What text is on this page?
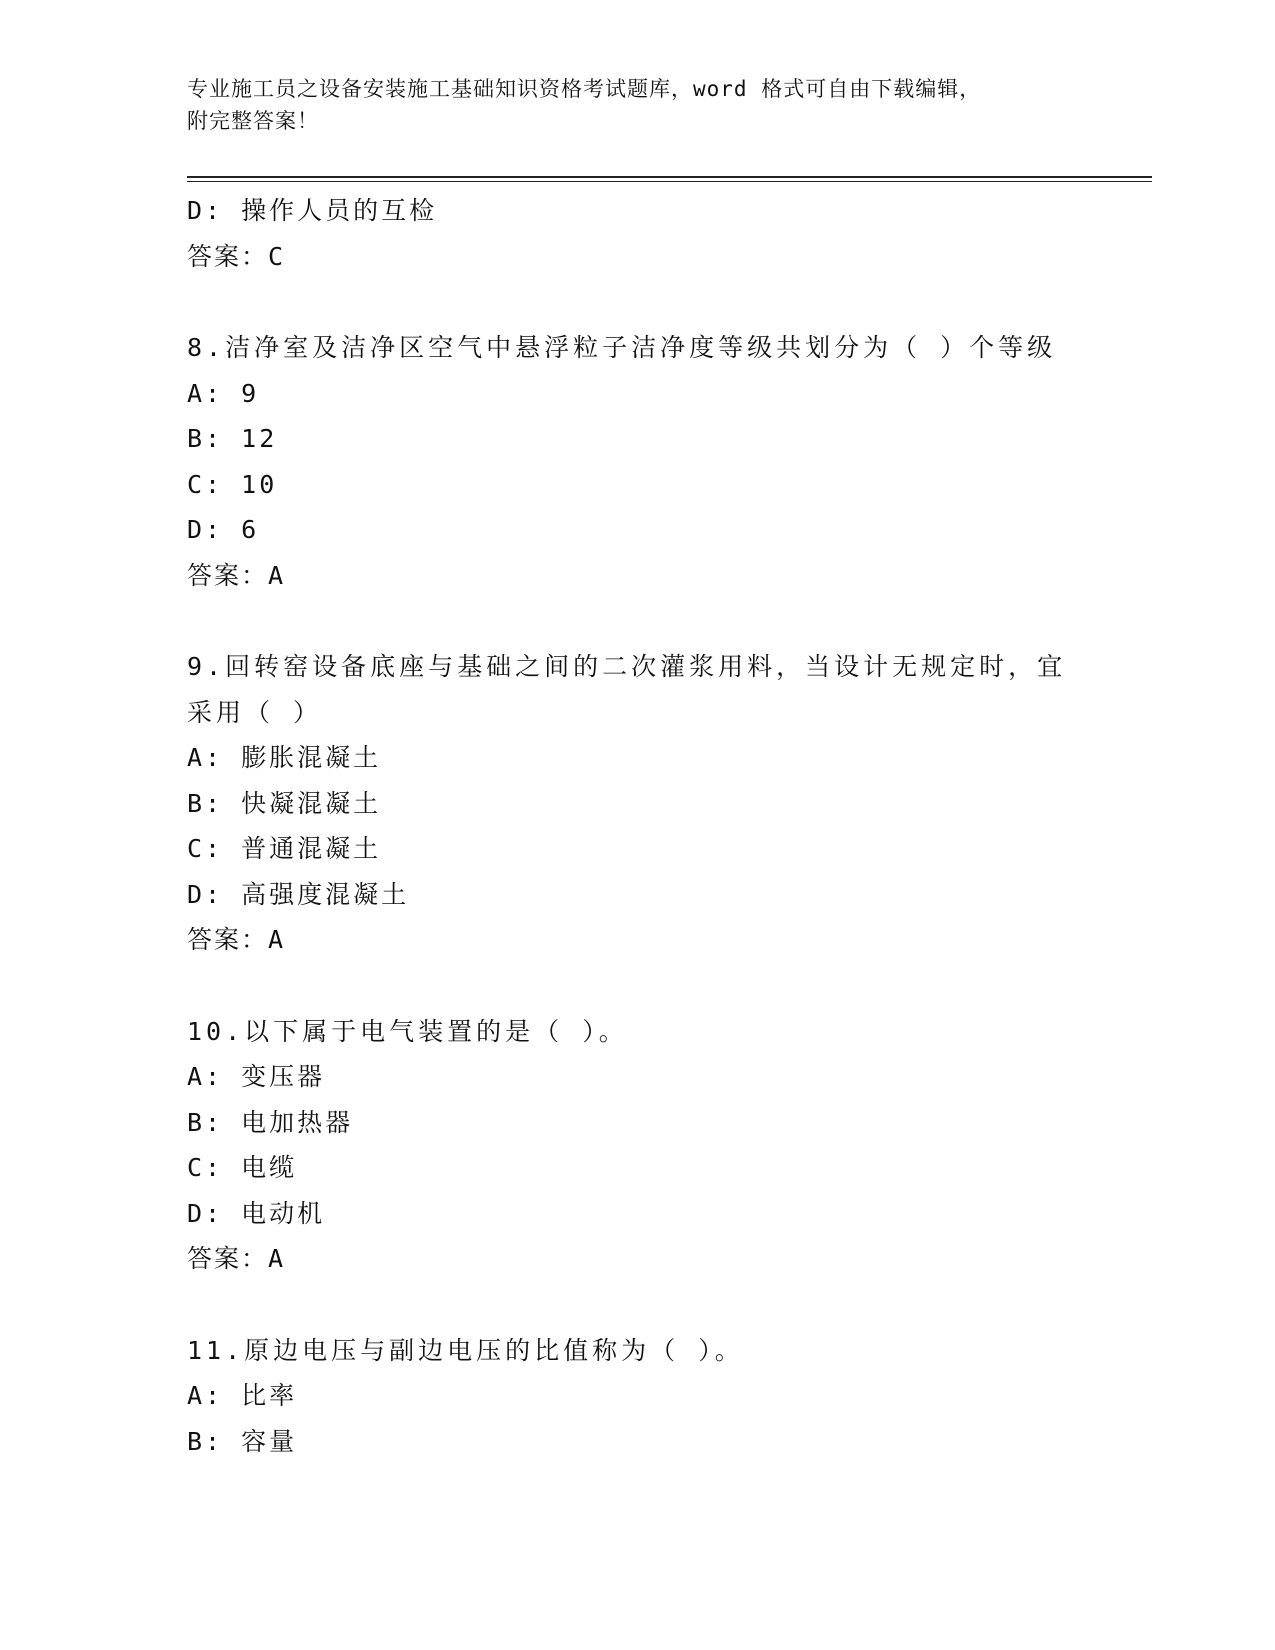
专业施工员之设备安装施工基础知识资格考试题库，word 格式可自由下载编辑，
附完整答案！
D: 操作人员的互检
答案：C
8.洁净室及洁净区空气中悬浮粒子洁净度等级共划分为（ ）个等级
A: 9
B: 12
C: 10
D: 6
答案：A
9.回转窑设备底座与基础之间的二次灌浆用料，当设计无规定时，宜
采用（ ）
A: 膨胀混凝土
B: 快凝混凝土
C: 普通混凝土
D: 高强度混凝土
答案：A
10.以下属于电气装置的是（ ）。
A: 变压器
B: 电加热器
C: 电缆
D: 电动机
答案：A
11.原边电压与副边电压的比值称为（ ）。
A: 比率
B: 容量
